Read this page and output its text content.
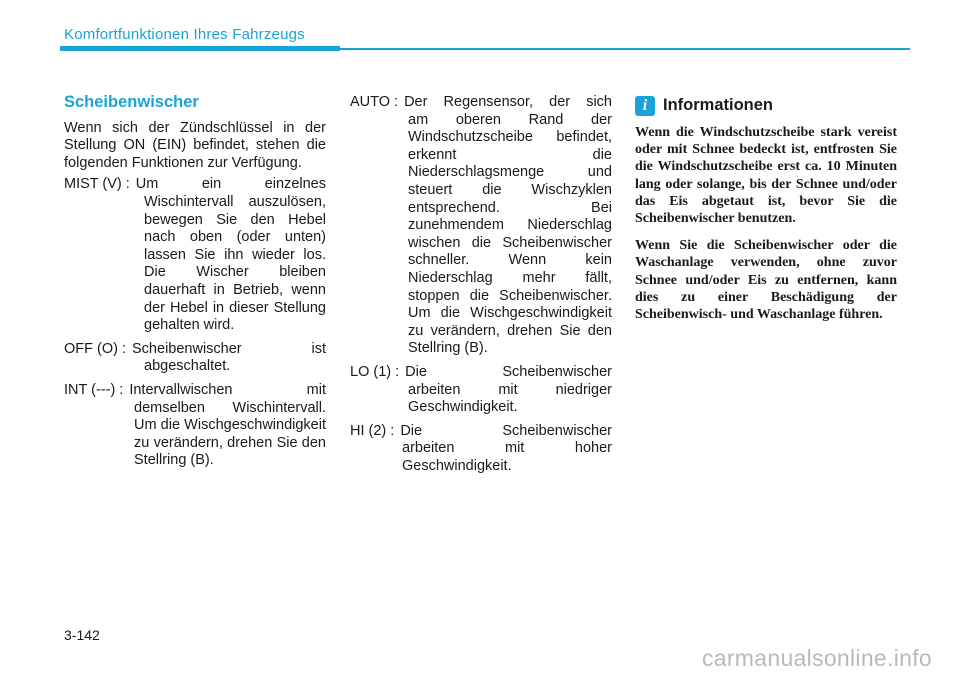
Komfortfunktionen Ihres Fahrzeugs
Scheibenwischer
Wenn sich der Zündschlüssel in der Stellung ON (EIN) befindet, stehen die folgenden Funktionen zur Verfügung.
MIST (V) : Um ein einzelnes
Wischintervall auszulösen, bewegen Sie den Hebel nach oben (oder unten) lassen Sie ihn wieder los. Die Wischer bleiben dauerhaft in Betrieb, wenn der Hebel in dieser Stellung gehalten wird.
OFF (O) : Scheibenwischer ist
abgeschaltet.
INT (---) : Intervallwischen mit
demselben Wischintervall. Um die Wischgeschwindigkeit zu verändern, drehen Sie den Stellring (B).
AUTO : Der Regensensor, der sich
am oberen Rand der Windschutzscheibe befindet, erkennt die Niederschlagsmenge und steuert die Wischzyklen entsprechend. Bei zunehmendem Niederschlag wischen die Scheibenwischer schneller. Wenn kein Niederschlag mehr fällt, stoppen die Scheibenwischer. Um die Wischgeschwindigkeit zu verändern, drehen Sie den Stellring (B).
LO (1) : Die Scheibenwischer
arbeiten mit niedriger Geschwindigkeit.
HI (2) : Die Scheibenwischer
arbeiten mit hoher Geschwindigkeit.
i Informationen
Wenn die Windschutzscheibe stark vereist oder mit Schnee bedeckt ist, entfrosten Sie die Windschutzscheibe erst ca. 10 Minuten lang oder solange, bis der Schnee und/oder das Eis abgetaut ist, bevor Sie die Scheibenwischer benutzen.
Wenn Sie die Scheibenwischer oder die Waschanlage verwenden, ohne zuvor Schnee und/oder Eis zu entfernen, kann dies zu einer Beschädigung der Scheibenwisch- und Waschanlage führen.
3-142
carmanualsonline.info
